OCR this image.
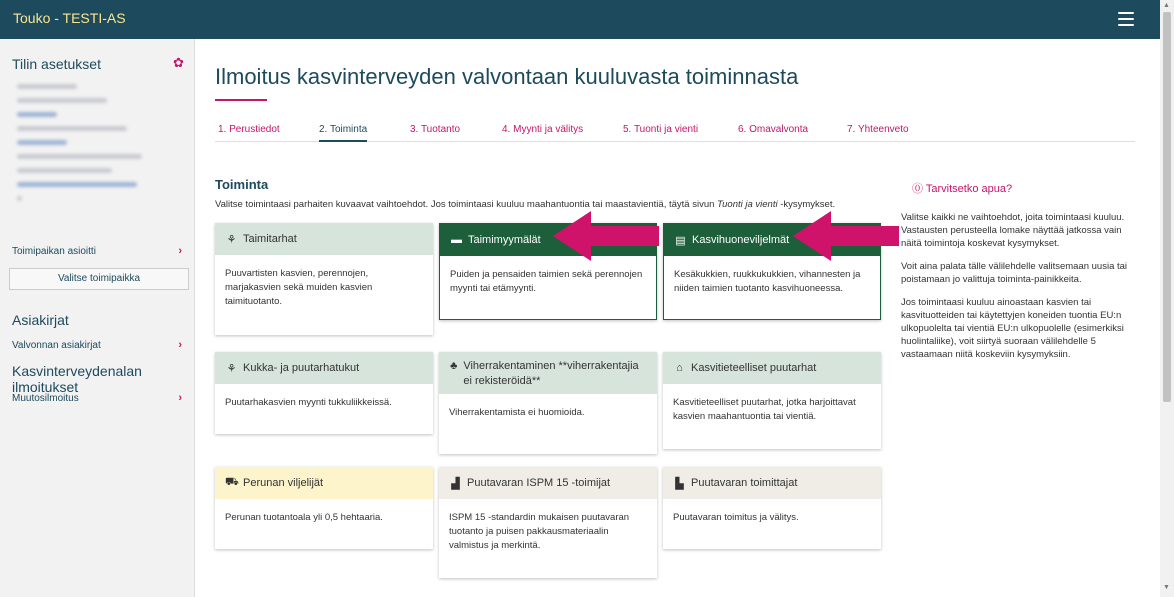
Touko - TESTI-AS
Tilin asetukset	✿
Toimipaikan asioitti	›
Valitse toimipaikka
Asiakirjat
Valvonnan asiakirjat	›
Kasvinterveydenalan ilmoitukset
Muutosilmoitus	›
Ilmoitus kasvinterveyden valvontaan kuuluvasta toiminnasta
1. Perustiedot	2. Toiminta	3. Tuotanto	4. Myynti ja välitys	5. Tuonti ja vienti	6. Omavalvonta	7. Yhteenveto
Toiminta
Valitse toimintaasi parhaiten kuvaavat vaihtoehdot. Jos toimintaasi kuuluu maahantuontia tai maastavientiä, täytä sivun Tuonti ja vienti -kysymykset.
⚘ Taimitarhat
Puuvartisten kasvien, perennojen, marjakasvien sekä muiden kasvien taimituotanto.
▬ Taimimyymälät
Puiden ja pensaiden taimien sekä perennojen myynti tai etämyynti.
▤ Kasvihuoneviljelmät
Kesäkukkien, ruukkukukkien, vihannesten ja niiden taimien tuotanto kasvihuoneessa.
⚘ Kukka- ja puutarhatukut
Puutarhakasvien myynti tukkuliikkeissä.
♣ Viherrakentaminen **viherrakentajia ei rekisteröidä**
Viherrakentamista ei huomioida.
⌂ Kasvitieteelliset puutarhat
Kasvitieteelliset puutarhat, jotka harjoittavat kasvien maahantuontia tai vientiä.
⛟ Perunan viljelijät
Perunan tuotantoala yli 0,5 hehtaaria.
▟ Puutavaran ISPM 15 -toimijat
ISPM 15 -standardin mukaisen puutavaran tuotanto ja puisen pakkausmateriaalin valmistus ja merkintä.
▙ Puutavaran toimittajat
Puutavaran toimitus ja välitys.
⓪ Tarvitsetko apua?

Valitse kaikki ne vaihtoehdot, joita toimintaasi kuuluu. Vastausten perusteella lomake näyttää jatkossa vain näitä toimintoja koskevat kysymykset.

Voit aina palata tälle välilehdelle valitsemaan uusia tai poistamaan jo valittuja toiminta-painikkeita.

Jos toimintaasi kuuluu ainoastaan kasvien tai kasvituotteiden tai käytettyjen koneiden tuontia EU:n ulkopuolelta tai vientiä EU:n ulkopuolelle (esimerkiksi huolintaliike), voit siirtyä suoraan välilehdelle 5 vastaamaan niitä koskeviin kysymyksiin.

▲
▼
